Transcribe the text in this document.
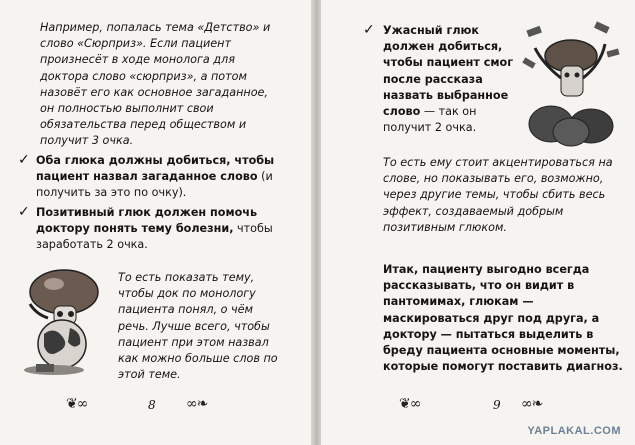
Например, попалась тема «Детство» и слово «Сюрприз». Если пациент произнесёт в ходе монолога для доктора слово «сюрприз», а потом назовёт его как основное загаданное, он полностью выполнит свои обязательства перед обществом и получит 3 очка.
✓ Оба глюка должны добиться, чтобы пациент назвал загаданное слово (и получить за это по очку).
✓ Позитивный глюк должен помочь доктору понять тему болезни, чтобы заработать 2 очка.
То есть показать тему, чтобы док по монологу пациента понял, о чём речь. Лучше всего, чтобы пациент при этом назвал как можно больше слов по этой теме.
❦∞	8 ∞❧
✓ Ужасный глюк должен добиться, чтобы пациент смог после рассказа назвать выбранное слово — так он получит 2 очка.
То есть ему стоит акцентироваться на слове, но показывать его, возможно, через другие темы, чтобы сбить весь эффект, создаваемый добрым позитивным глюком.
Итак, пациенту выгодно всегда рассказывать, что он видит в пантомимах, глюкам — маскироваться друг под друга, а доктору — пытаться выделить в бреду пациента основные моменты, которые помогут поставить диагноз.
❦∞	9 ∞❧
YAPLAKAL.COM
